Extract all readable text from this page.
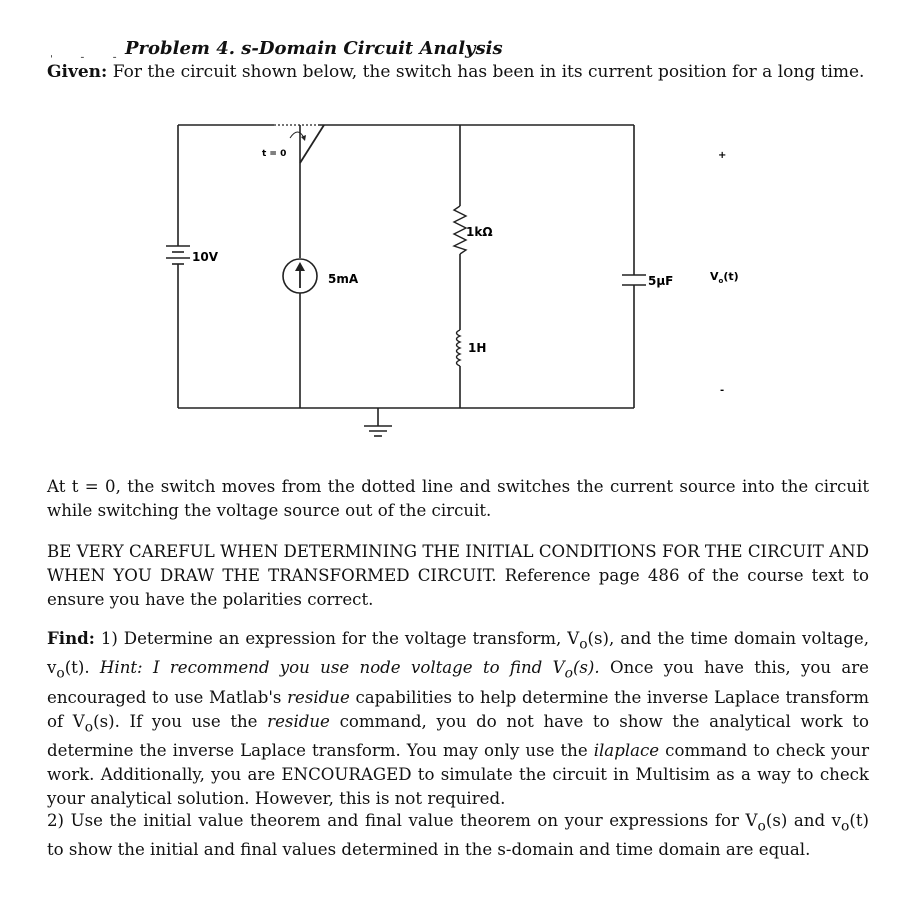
ˌ ˍ ˍ
Problem 4. s-Domain Circuit Analysis
Given: For the circuit shown below, the switch has been in its current position for a long time.
t = 0
10V
5mA
1kΩ
1H
5μF	$V_o(t)$
+
-
At t = 0, the switch moves from the dotted line and switches the current source into the circuit while switching the voltage source out of the circuit.
BE VERY CAREFUL WHEN DETERMINING THE INITIAL CONDITIONS FOR THE CIRCUIT AND WHEN YOU DRAW THE TRANSFORMED CIRCUIT. Reference page 486 of the course text to ensure you have the polarities correct.
Find: 1) Determine an expression for the voltage transform, $V_o(s)$, and the time domain voltage, $v_o(t)$. Hint: I recommend you use node voltage to find $V_o(s)$. Once you have this, you are encouraged to use Matlab's residue capabilities to help determine the inverse Laplace transform of $V_o(s)$. If you use the residue command, you do not have to show the analytical work to determine the inverse Laplace transform. You may only use the ilaplace command to check your work. Additionally, you are ENCOURAGED to simulate the circuit in Multisim as a way to check your analytical solution. However, this is not required.
2) Use the initial value theorem and final value theorem on your expressions for $V_o(s)$ and $v_o(t)$ to show the initial and final values determined in the s-domain and time domain are equal.
